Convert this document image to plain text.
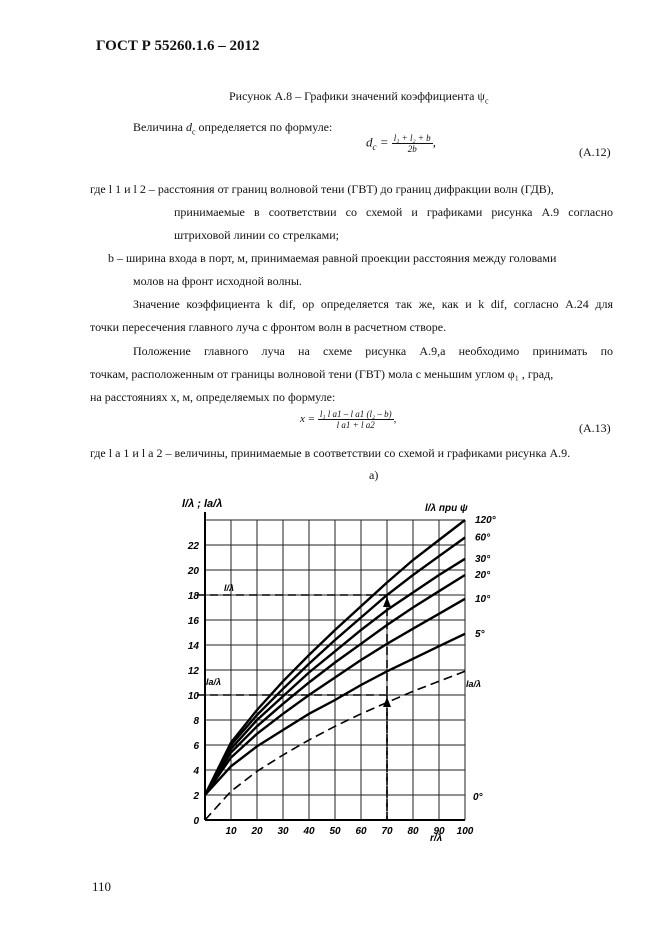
ГОСТ Р 55260.1.6 – 2012
Рисунок А.8 – Графики значений коэффициента $\psi_c$
Величина $d_c$ определяется по формуле:
$d_c = \frac{\text{l₁ + l₂ + b}}{2b}$ ,
(А.12)
где l 1 и l 2 – расстояния от границ волновой тени (ГВТ) до границ дифракции волн (ГДВ),
принимаемые в соответствии со схемой и графиками рисунка А.9 согласно
штриховой линии со стрелками;
b – ширина входа в порт, м, принимаемая равной проекции расстояния между головами
молов на фронт исходной волны.
Значение коэффициента k dif, op определяется так же, как и k dif, согласно А.24 для
точки пересечения главного луча с фронтом волн в расчетном створе.
Положение главного луча на схеме рисунка А.9,а необходимо принимать по
точкам, расположенным от границы волновой тени (ГВТ) мола с меньшим углом φ₁ , град,
на расстояниях x, м, определяемых по формуле:
$x = \frac{\text{l₁ l a1 – l a1 (l₂ – b)}}{\text{l a1 + l a2}}$ ,
(А.13)
где l а 1 и l а 2 – величины, принимаемые в соответствии со схемой и графиками рисунка А.9.
а)
10 20 30 40 50 60 70 80 90 100
0
2
4
6
8
10
12
14
16
18
20
22
120°
60°
30°
20°
10°
5°
0°
l/λ ; la/λ
r/λ
l/λ при ψ
l/λ
la/λ	la/λ
110
